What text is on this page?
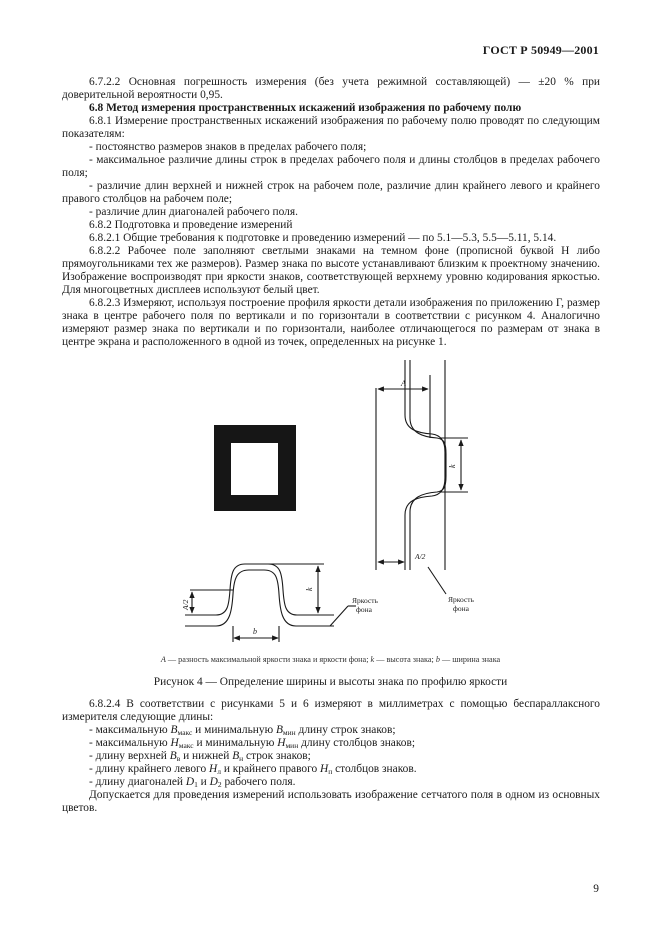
ГОСТ Р 50949—2001

6.7.2.2 Основная погрешность измерения (без учета режимной составляющей) — ±20 % при доверительной вероятности 0,95.

6.8 Метод измерения пространственных искажений изображения по рабочему полю

6.8.1 Измерение пространственных искажений изображения по рабочему полю проводят по следующим показателям:

- постоянство размеров знаков в пределах рабочего поля;

- максимальное различие длины строк в пределах рабочего поля и длины столбцов в пределах рабочего поля;

- различие длин верхней и нижней строк на рабочем поле, различие длин крайнего левого и крайнего правого столбцов на рабочем поле;

- различие длин диагоналей рабочего поля.

6.8.2 Подготовка и проведение измерений

6.8.2.1 Общие требования к подготовке и проведению измерений — по 5.1—5.3, 5.5—5.11, 5.14.

6.8.2.2 Рабочее поле заполняют светлыми знаками на темном фоне (прописной буквой Н либо прямоугольниками тех же размеров). Размер знака по высоте устанавливают близким к проектному значению. Изображение воспроизводят при яркости знаков, соответствующей верхнему уровню кодирования яркостью. Для многоцветных дисплеев используют белый цвет.

6.8.2.3 Измеряют, используя построение профиля яркости детали изображения по приложению Г, размер знака в центре рабочего поля по вертикали и по горизонтали в соответствии с рисунком 4. Аналогично измеряют размер знака по вертикали и по горизонтали, наиболее отличающегося по размерам от знака в центре экрана и расположенного в одной из точек, определенных на рисунке 1.

k
A/2
b
Яркость
фона
A
k
A/2
Яркость
фона
A — разность максимальной яркости знака и яркости фона; k — высота знака; b — ширина знака
Рисунок 4 — Определение ширины и высоты знака по профилю яркости

6.8.2.4 В соответствии с рисунками 5 и 6 измеряют в миллиметрах с помощью беспараллаксного измерителя следующие длины:

- максимальную $B_{макс}$ и минимальную $B_{мин}$ длину строк знаков;

- максимальную $H_{макс}$ и минимальную $H_{мин}$ длину столбцов знаков;

- длину верхней $B_в$ и нижней $B_н$ строк знаков;

- длину крайнего левого $H_л$ и крайнего правого $H_п$ столбцов знаков.

- длину диагоналей $D_1$ и $D_2$ рабочего поля.

Допускается для проведения измерений использовать изображение сетчатого поля в одном из основных цветов.

9
